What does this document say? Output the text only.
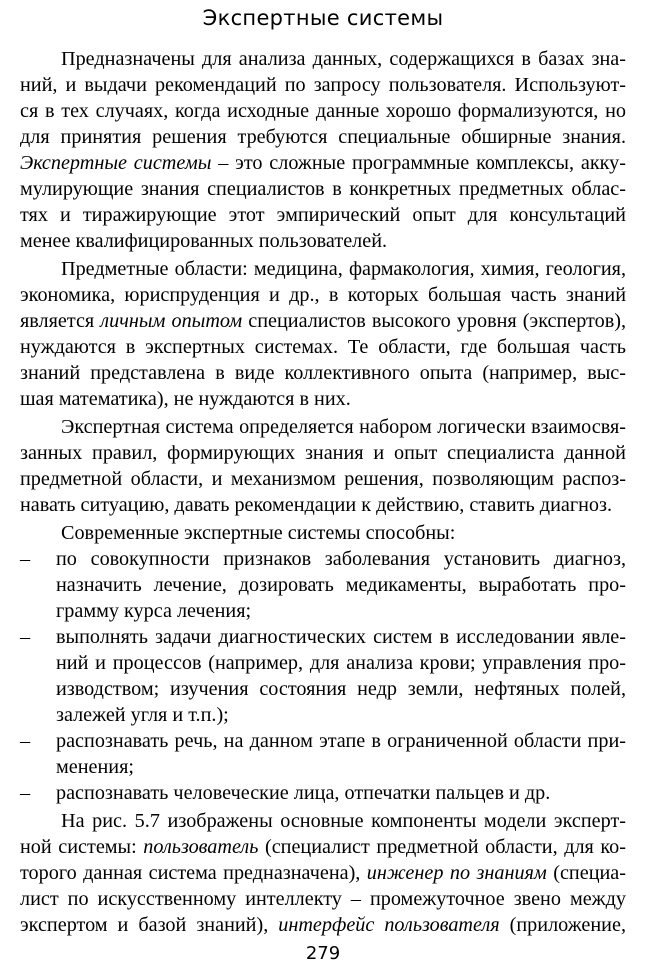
Экспертные системы
Предназначены для анализа данных, содержащихся в базах зна-
ний, и выдачи рекомендаций по запросу пользователя. Используют-
ся в тех случаях, когда исходные данные хорошо формализуются, но
для принятия решения требуются специальные обширные знания.
Экспертные системы – это сложные программные комплексы, акку-
мулирующие знания специалистов в конкретных предметных облас-
тях и тиражирующие этот эмпирический опыт для консультаций
менее квалифицированных пользователей.
Предметные области: медицина, фармакология, химия, геология,
экономика, юриспруденция и др., в которых большая часть знаний
является личным опытом специалистов высокого уровня (экспертов),
нуждаются в экспертных системах. Те области, где большая часть
знаний представлена в виде коллективного опыта (например, выс-
шая математика), не нуждаются в них.
Экспертная система определяется набором логически взаимосвя-
занных правил, формирующих знания и опыт специалиста данной
предметной области, и механизмом решения, позволяющим распоз-
навать ситуацию, давать рекомендации к действию, ставить диагноз.
Современные экспертные системы способны:
–	по совокупности признаков заболевания установить диагноз,
назначить лечение, дозировать медикаменты, выработать про-
грамму курса лечения;
–	выполнять задачи диагностических систем в исследовании явле-
ний и процессов (например, для анализа крови; управления про-
изводством; изучения состояния недр земли, нефтяных полей,
залежей угля и т.п.);
–	распознавать речь, на данном этапе в ограниченной области при-
менения;
–	распознавать человеческие лица, отпечатки пальцев и др.
На рис. 5.7 изображены основные компоненты модели эксперт-
ной системы: пользователь (специалист предметной области, для ко-
торого данная система предназначена), инженер по знаниям (специа-
лист по искусственному интеллекту – промежуточное звено между
экспертом и базой знаний), интерфейс пользователя (приложение,
279
